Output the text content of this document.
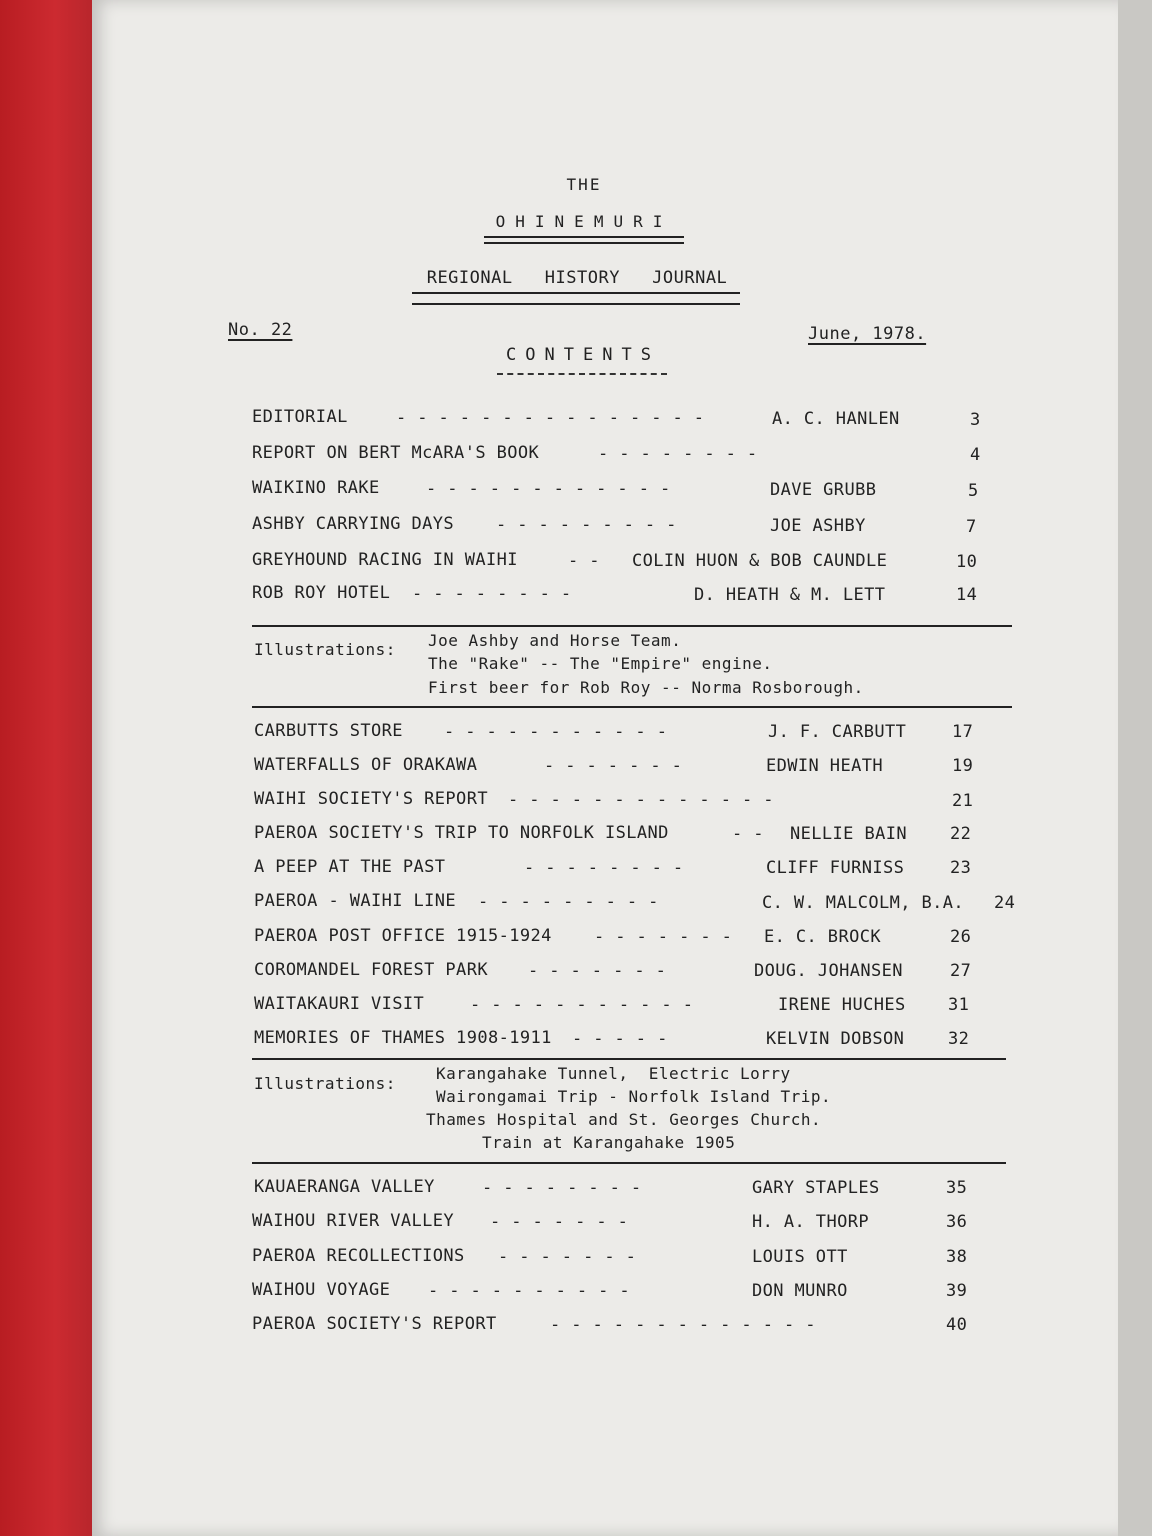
THE
OHINEMURI
REGIONAL   HISTORY   JOURNAL
No. 22	June, 1978.
CONTENTS
EDITORIAL	- - - - - - - - - - - - - - -	A. C. HANLEN	3
REPORT ON BERT McARA'S BOOK	- - - - - - - -	4
WAIKINO RAKE	- - - - - - - - - - - -	DAVE GRUBB	5
ASHBY CARRYING DAYS - - - - - - - - -	JOE ASHBY	7
GREYHOUND RACING IN WAIHI	- - COLIN HUON & BOB CAUNDLE	10
ROB ROY HOTEL - - - - - - - -	D. HEATH & M. LETT	14
Illustrations: Joe Ashby and Horse Team.
The "Rake" -- The "Empire" engine.
First beer for Rob Roy -- Norma Rosborough.
CARBUTTS STORE - - - - - - - - - - -	J. F. CARBUTT	17
WATERFALLS OF ORAKAWA	- - - - - - -	EDWIN HEATH	19
WAIHI SOCIETY'S REPORT - - - - - - - - - - - - -	21
PAEROA SOCIETY'S TRIP TO NORFOLK ISLAND	- - NELLIE BAIN	22
A PEEP AT THE PAST	- - - - - - - -	CLIFF FURNISS	23
PAEROA - WAIHI LINE - - - - - - - - -	C. W. MALCOLM, B.A. 24
PAEROA POST OFFICE 1915-1924 - - - - - - - E. C. BROCK	26
COROMANDEL FOREST PARK - - - - - - -	DOUG. JOHANSEN	27
WAITAKAURI VISIT	- - - - - - - - - - -	IRENE HUCHES 31
MEMORIES OF THAMES 1908-1911 - - - - -	KELVIN DOBSON	32
Illustrations:
Karangahake Tunnel,  Electric Lorry
Wairongamai Trip - Norfolk Island Trip.
Thames Hospital and St. Georges Church.
Train at Karangahake 1905
KAUAERANGA VALLEY	- - - - - - - -	GARY STAPLES	35
WAIHOU RIVER VALLEY - - - - - - -	H. A. THORP	36
PAEROA RECOLLECTIONS - - - - - - -	LOUIS OTT	38
WAIHOU VOYAGE - - - - - - - - - -	DON MUNRO	39
PAEROA SOCIETY'S REPORT	- - - - - - - - - - - - -	40
